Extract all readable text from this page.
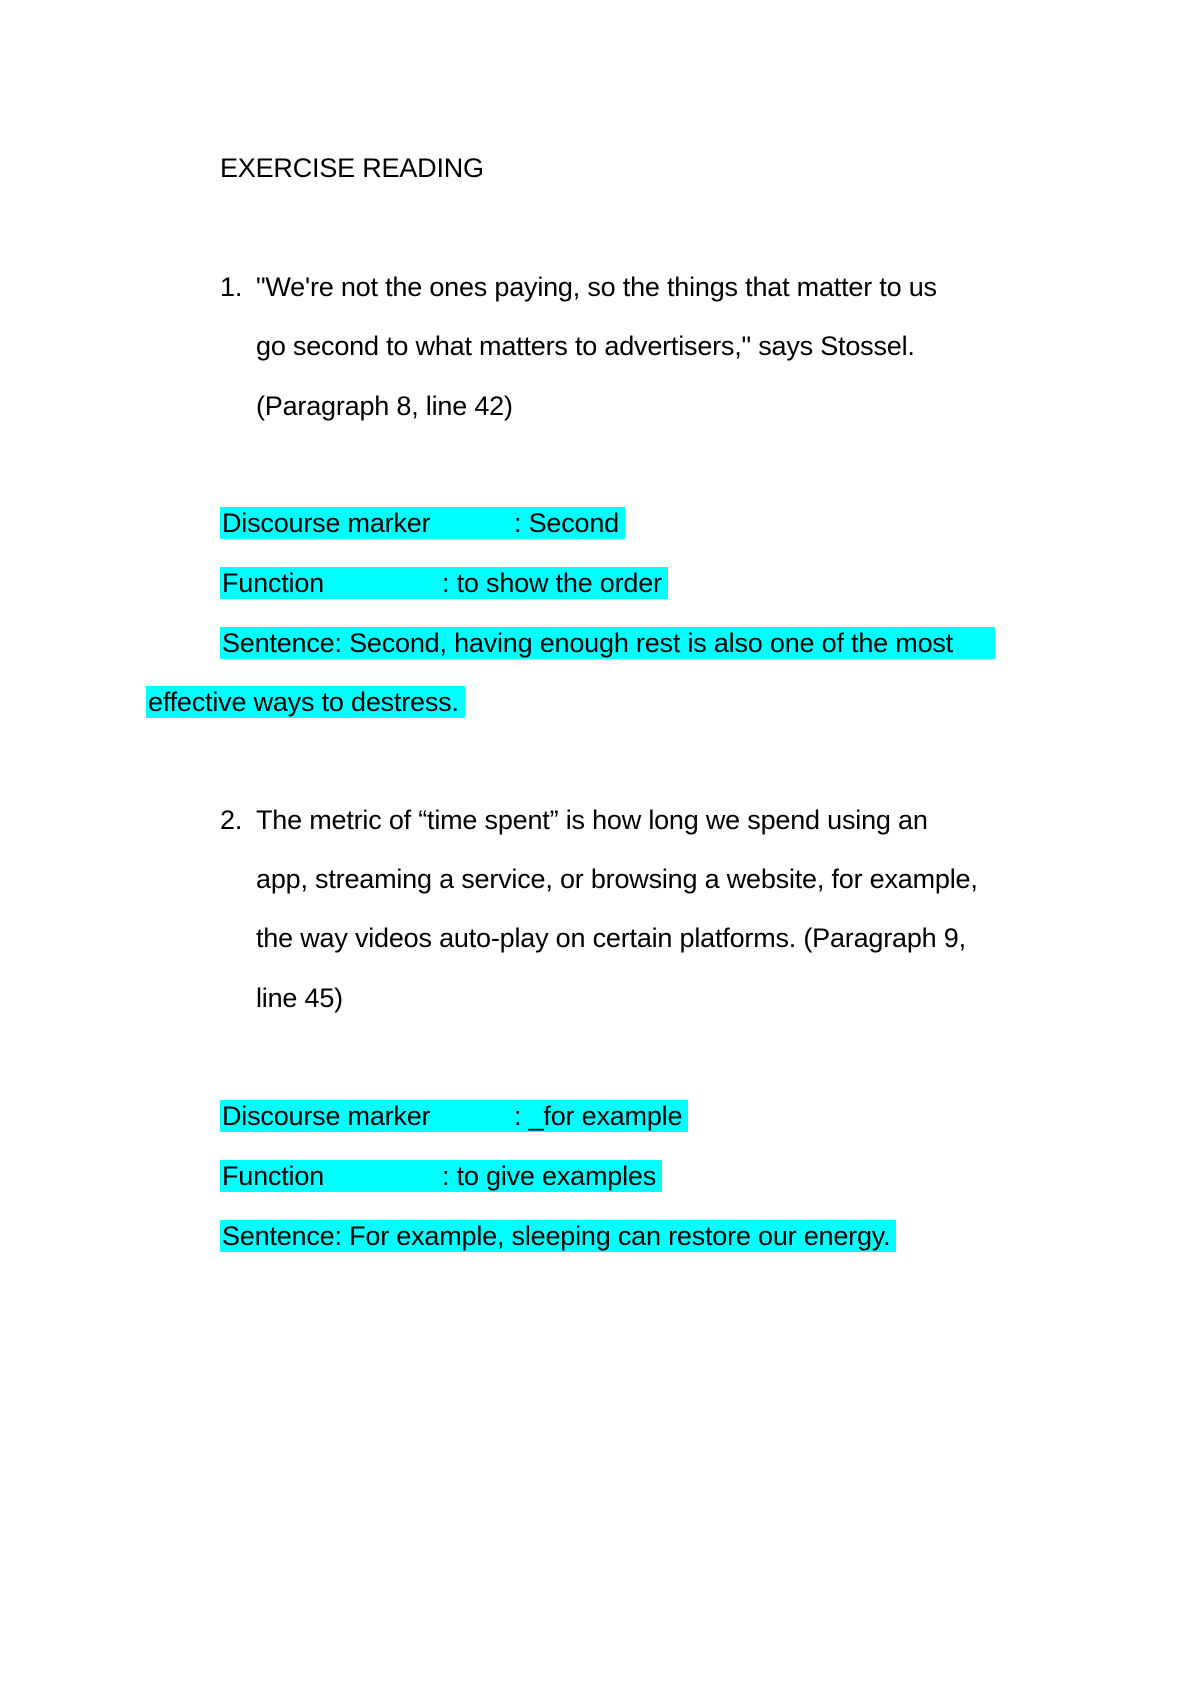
EXERCISE READING
1. "We're not the ones paying, so the things that matter to us
go second to what matters to advertisers," says Stossel.
(Paragraph 8, line 42)
Discourse marker	: Second
Function	: to show the order
Sentence: Second, having enough rest is also one of the most
effective ways to destress.
2. The metric of “time spent” is how long we spend using an
app, streaming a service, or browsing a website, for example,
the way videos auto-play on certain platforms. (Paragraph 9,
line 45)
Discourse marker	: _for example
Function	: to give examples
Sentence: For example, sleeping can restore our energy.
